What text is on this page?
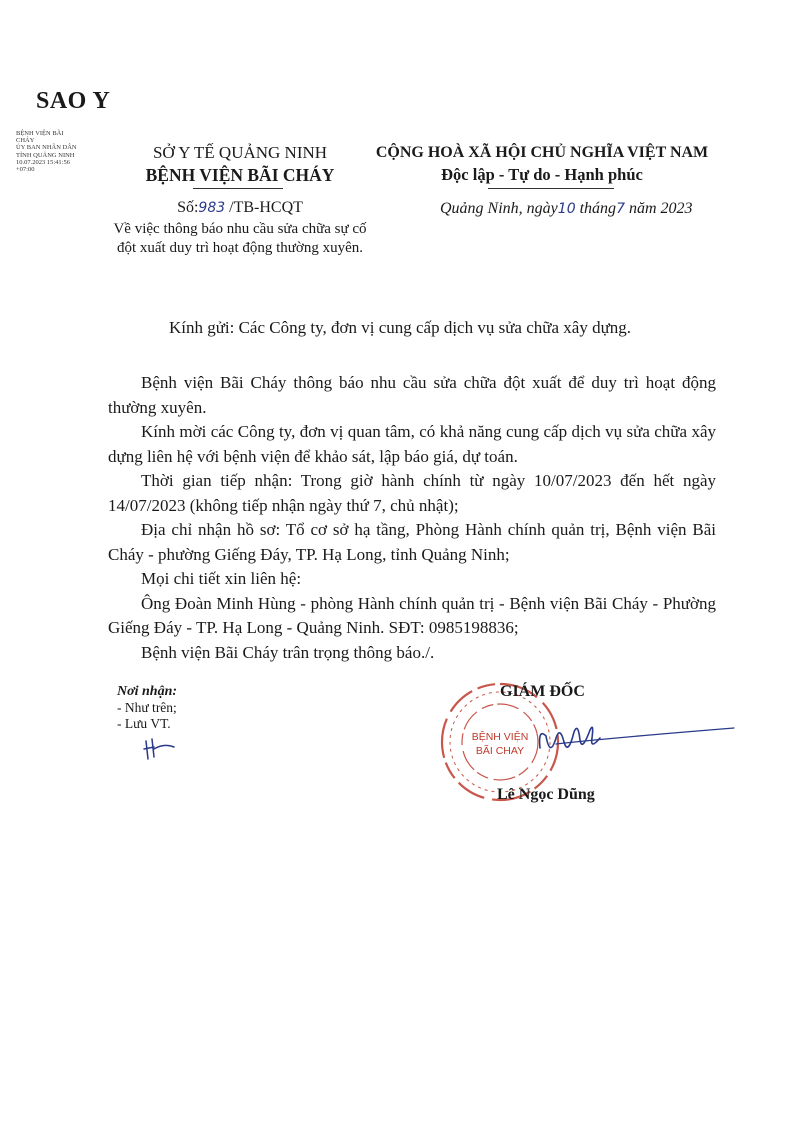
SAO Y
BỆNH VIỆN BÃI
CHÁY
ỦY BAN NHÂN DÂN
TỈNH QUẢNG NINH
10.07.2023 15:41:56
+07:00
SỞ Y TẾ QUẢNG NINH
BỆNH VIỆN BÃI CHÁY
CỘNG HOÀ XÃ HỘI CHỦ NGHĨA VIỆT NAM
Độc lập - Tự do - Hạnh phúc
Số:983 /TB-HCQT
Về việc thông báo nhu cầu sửa chữa sự cố đột xuất duy trì hoạt động thường xuyên.
Quảng Ninh, ngày10 tháng7 năm 2023
Kính gửi: Các Công ty, đơn vị cung cấp dịch vụ sửa chữa xây dựng.

Bệnh viện Bãi Cháy thông báo nhu cầu sửa chữa đột xuất để duy trì hoạt động thường xuyên.

Kính mời các Công ty, đơn vị quan tâm, có khả năng cung cấp dịch vụ sửa chữa xây dựng liên hệ với bệnh viện để khảo sát, lập báo giá, dự toán.

Thời gian tiếp nhận: Trong giờ hành chính từ ngày 10/07/2023 đến hết ngày 14/07/2023 (không tiếp nhận ngày thứ 7, chủ nhật);

Địa chỉ nhận hồ sơ: Tổ cơ sở hạ tầng, Phòng Hành chính quản trị, Bệnh viện Bãi Cháy - phường Giếng Đáy, TP. Hạ Long, tỉnh Quảng Ninh;

Mọi chi tiết xin liên hệ:

Ông Đoàn Minh Hùng - phòng Hành chính quản trị - Bệnh viện Bãi Cháy - Phường Giếng Đáy - TP. Hạ Long - Quảng Ninh. SĐT: 0985198836;

Bệnh viện Bãi Cháy trân trọng thông báo./.

Nơi nhận:
- Như trên;
- Lưu VT.
BỆNH VIỆN
BÃI CHAY
GIÁM ĐỐC
Lê Ngọc Dũng
